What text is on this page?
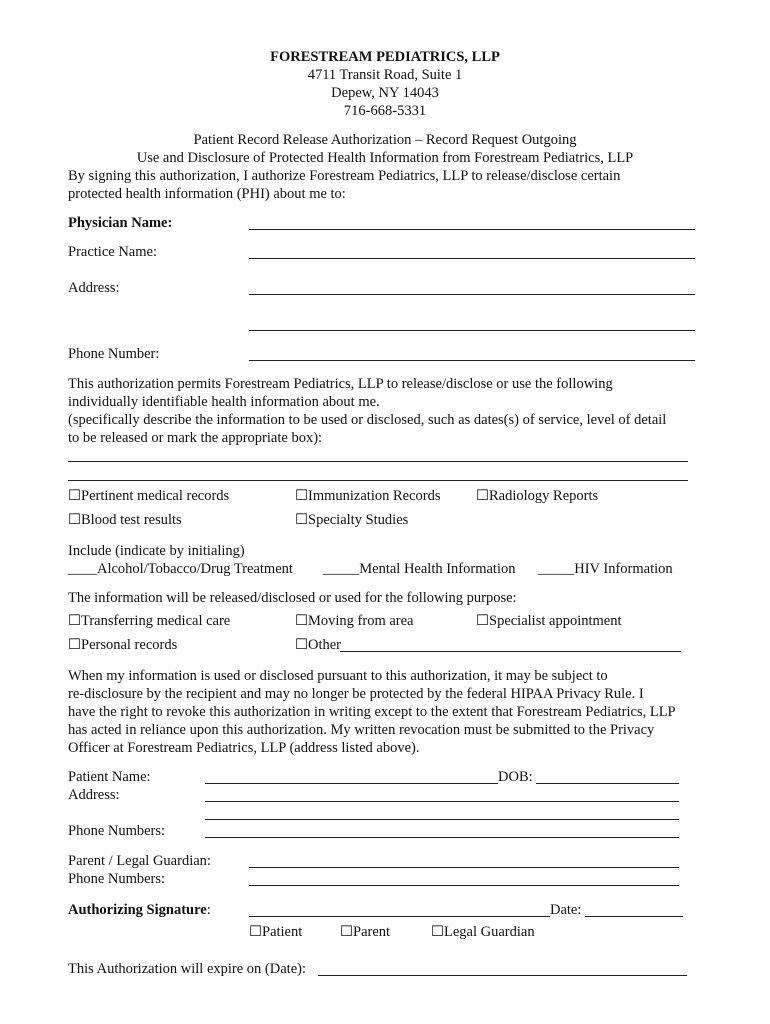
FORESTREAM PEDIATRICS, LLP
4711 Transit Road, Suite 1
Depew, NY 14043
716-668-5331
Patient Record Release Authorization – Record Request Outgoing
Use and Disclosure of Protected Health Information from Forestream Pediatrics, LLP
By signing this authorization, I authorize Forestream Pediatrics, LLP to release/disclose certain
protected health information (PHI) about me to:
Physician Name:
Practice Name:
Address:
Phone Number:
This authorization permits Forestream Pediatrics, LLP to release/disclose or use the following
individually identifiable health information about me.
(specifically describe the information to be used or disclosed, such as dates(s) of service, level of detail
to be released or mark the appropriate box):
☐ Pertinent medical records	☐ Immunization Records	☐ Radiology Reports
☐ Blood test results	☐ Specialty Studies
Include (indicate by initialing)
____Alcohol/Tobacco/Drug Treatment _____Mental Health Information _____HIV Information
The information will be released/disclosed or used for the following purpose:
☐ Transferring medical care	☐ Moving from area	☐ Specialist appointment
☐ Personal records	☐ Other
When my information is used or disclosed pursuant to this authorization, it may be subject to
re-disclosure by the recipient and may no longer be protected by the federal HIPAA Privacy Rule. I
have the right to revoke this authorization in writing except to the extent that Forestream Pediatrics, LLP
has acted in reliance upon this authorization. My written revocation must be submitted to the Privacy
Officer at Forestream Pediatrics, LLP (address listed above).
Patient Name:	DOB:
Address:
Phone Numbers:
Parent / Legal Guardian:
Phone Numbers:
Authorizing Signature:	Date:
☐ Patient	☐ Parent	☐ Legal Guardian
This Authorization will expire on (Date):
